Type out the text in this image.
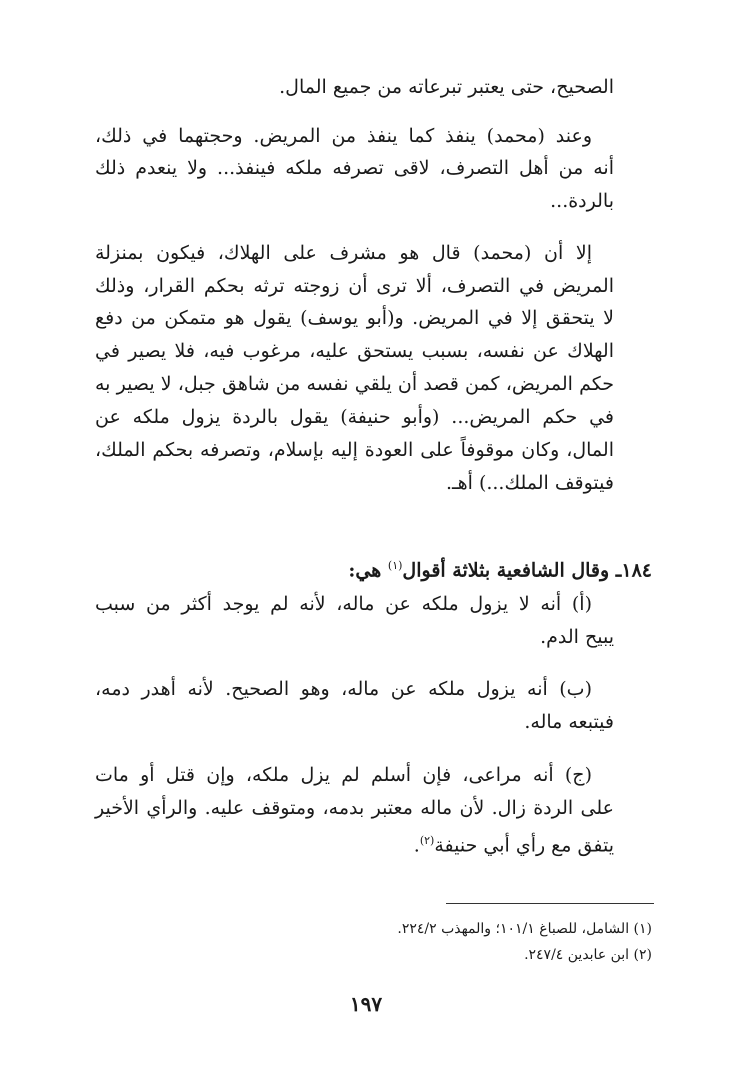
الصحيح، حتى يعتبر تبرعاته من جميع المال.
وعند (محمد) ينفذ كما ينفذ من المريض. وحجتهما في ذلك،
أنه من أهل التصرف، لاقى تصرفه ملكه فينفذ... ولا ينعدم ذلك
بالردة...
إلا أن (محمد) قال هو مشرف على الهلاك، فيكون بمنزلة
المريض في التصرف، ألا ترى أن زوجته ترثه بحكم القرار، وذلك
لا يتحقق إلا في المريض. و(أبو يوسف) يقول هو متمكن من دفع
الهلاك عن نفسه، بسبب يستحق عليه، مرغوب فيه، فلا يصير في
حكم المريض، كمن قصد أن يلقي نفسه من شاهق جبل، لا يصير به
في حكم المريض... (وأبو حنيفة) يقول بالردة يزول ملكه عن
المال، وكان موقوفاً على العودة إليه بإسلام، وتصرفه بحكم الملك،
فيتوقف الملك...) أهـ.
١٨٤ـ وقال الشافعية بثلاثة أقوال$^{(١)}$ هي:
(أ) أنه لا يزول ملكه عن ماله، لأنه لم يوجد أكثر من سبب
يبيح الدم.
(ب) أنه يزول ملكه عن ماله، وهو الصحيح. لأنه أهدر دمه،
فيتبعه ماله.
(ج) أنه مراعى، فإن أسلم لم يزل ملكه، وإن قتل أو مات
على الردة زال. لأن ماله معتبر بدمه، ومتوقف عليه. والرأي الأخير
يتفق مع رأي أبي حنيفة$^{(٢)}$.
(١) الشامل، للصباغ ١٠١/١؛ والمهذب ٢٢٤/٢.
(٢) ابن عابدين ٢٤٧/٤.
١٩٧
